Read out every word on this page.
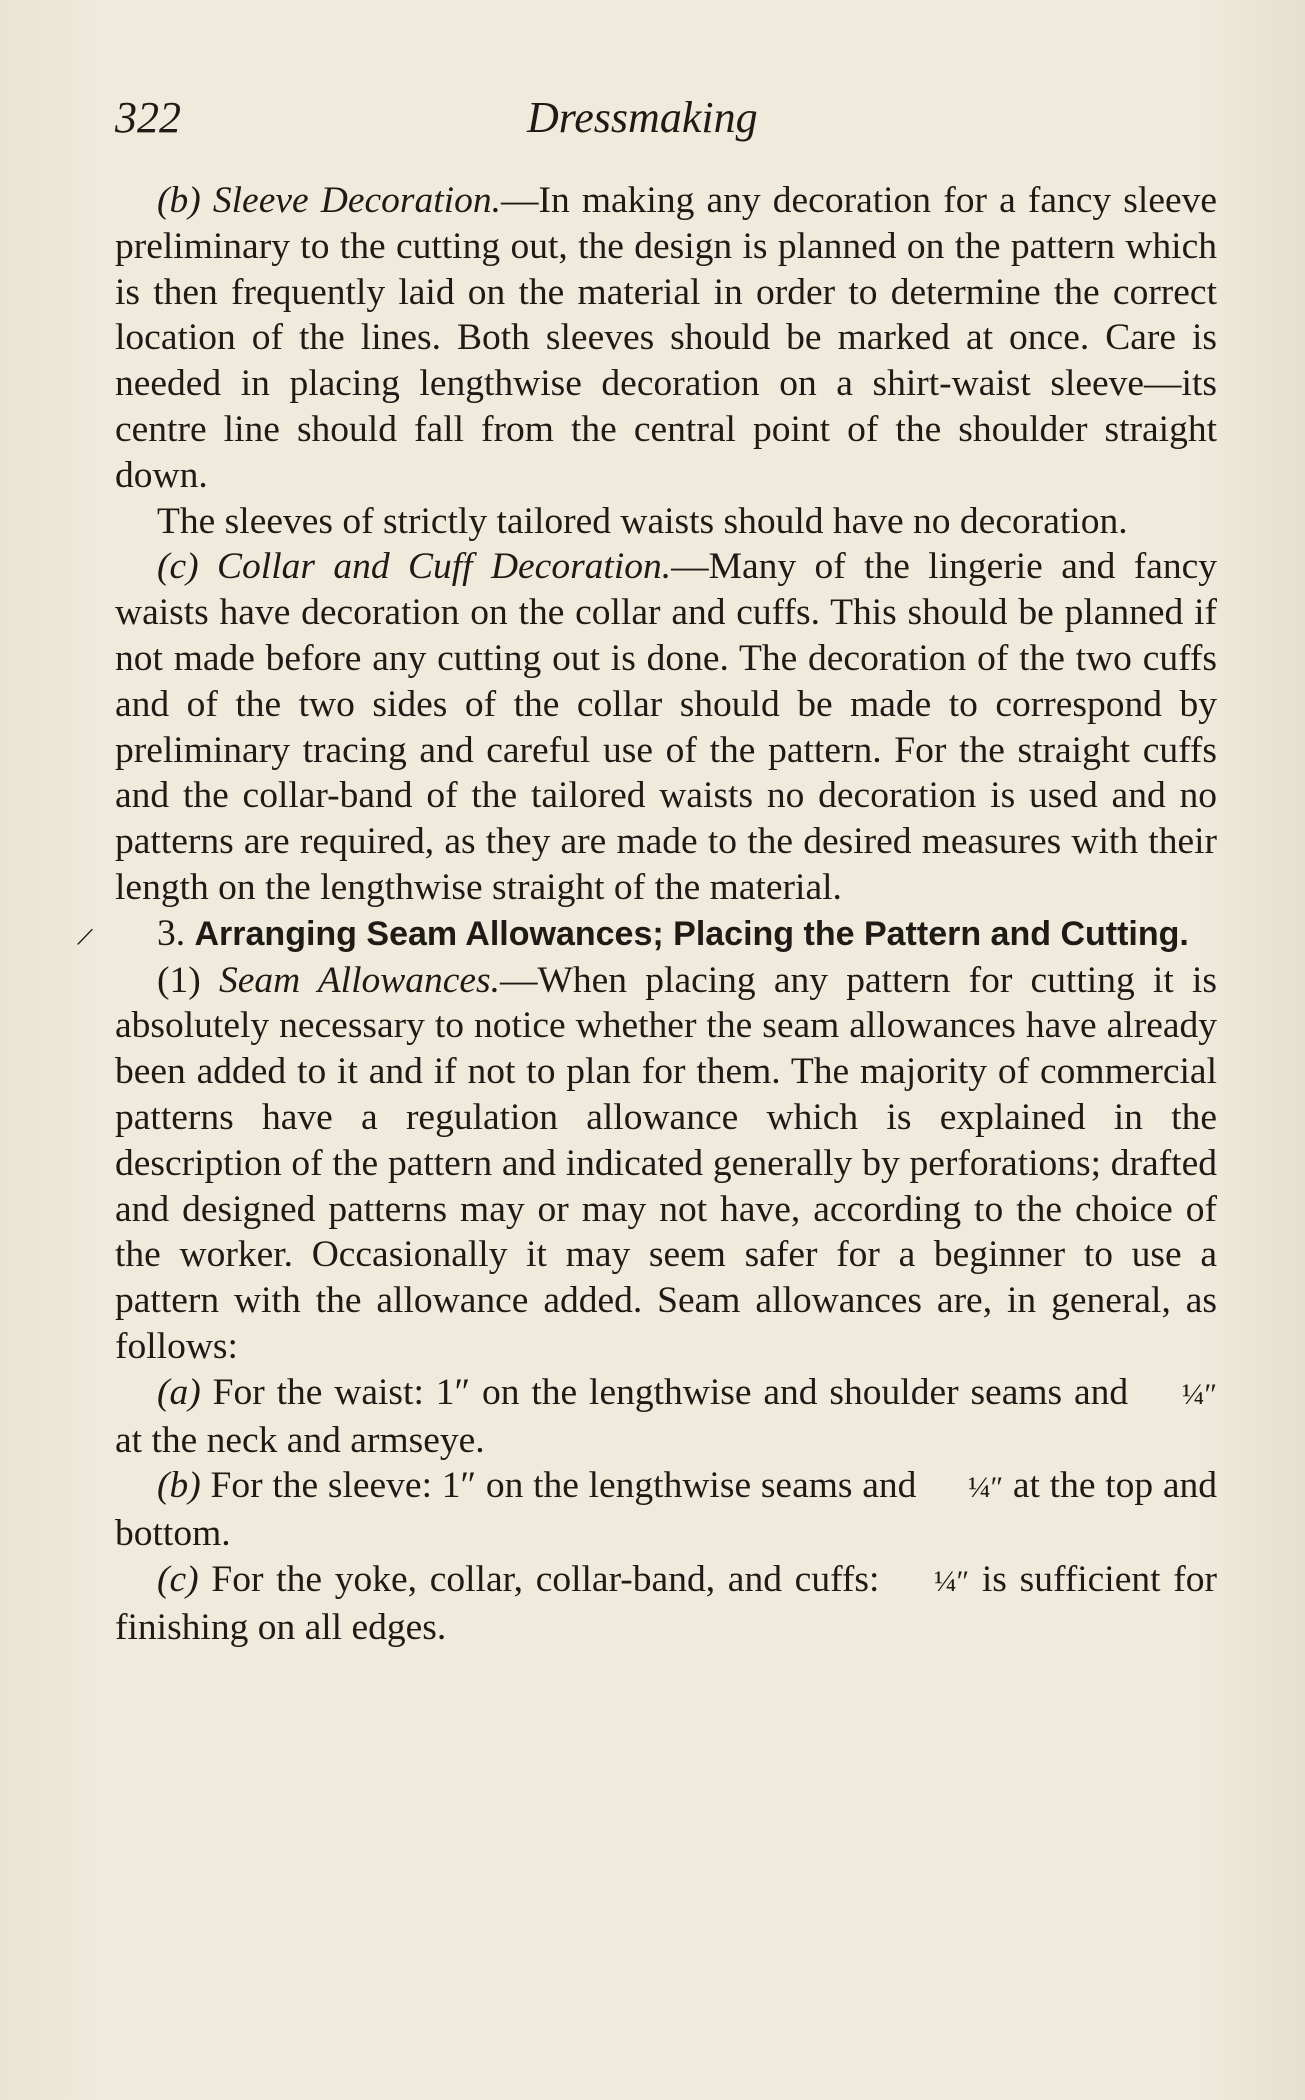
322	Dressmaking
/

(b) Sleeve Decoration.—In making any decoration for a fancy sleeve preliminary to the cutting out, the design is planned on the pattern which is then frequently laid on the material in order to determine the correct location of the lines. Both sleeves should be marked at once. Care is needed in placing lengthwise decoration on a shirt-waist sleeve—its centre line should fall from the central point of the shoulder straight down.

The sleeves of strictly tailored waists should have no decoration.

(c) Collar and Cuff Decoration.—Many of the lingerie and fancy waists have decoration on the collar and cuffs. This should be planned if not made before any cutting out is done. The decoration of the two cuffs and of the two sides of the collar should be made to correspond by preliminary tracing and careful use of the pattern. For the straight cuffs and the collar-band of the tailored waists no decoration is used and no patterns are required, as they are made to the desired measures with their length on the lengthwise straight of the material.

3. Arranging Seam Allowances; Placing the Pattern and Cutting.

(1) Seam Allowances.—When placing any pattern for cutting it is absolutely necessary to notice whether the seam allowances have already been added to it and if not to plan for them. The majority of commercial patterns have a regulation allowance which is explained in the description of the pattern and indicated generally by perforations; drafted and designed patterns may or may not have, according to the choice of the worker. Occasionally it may seem safer for a beginner to use a pattern with the allowance added. Seam allowances are, in general, as follows:

(a) For the waist: 1″ on the lengthwise and shoulder seams and ¼″ at the neck and armseye.

(b) For the sleeve: 1″ on the lengthwise seams and ¼″ at the top and bottom.

(c) For the yoke, collar, collar-band, and cuffs: ¼″ is sufficient for finishing on all edges.
